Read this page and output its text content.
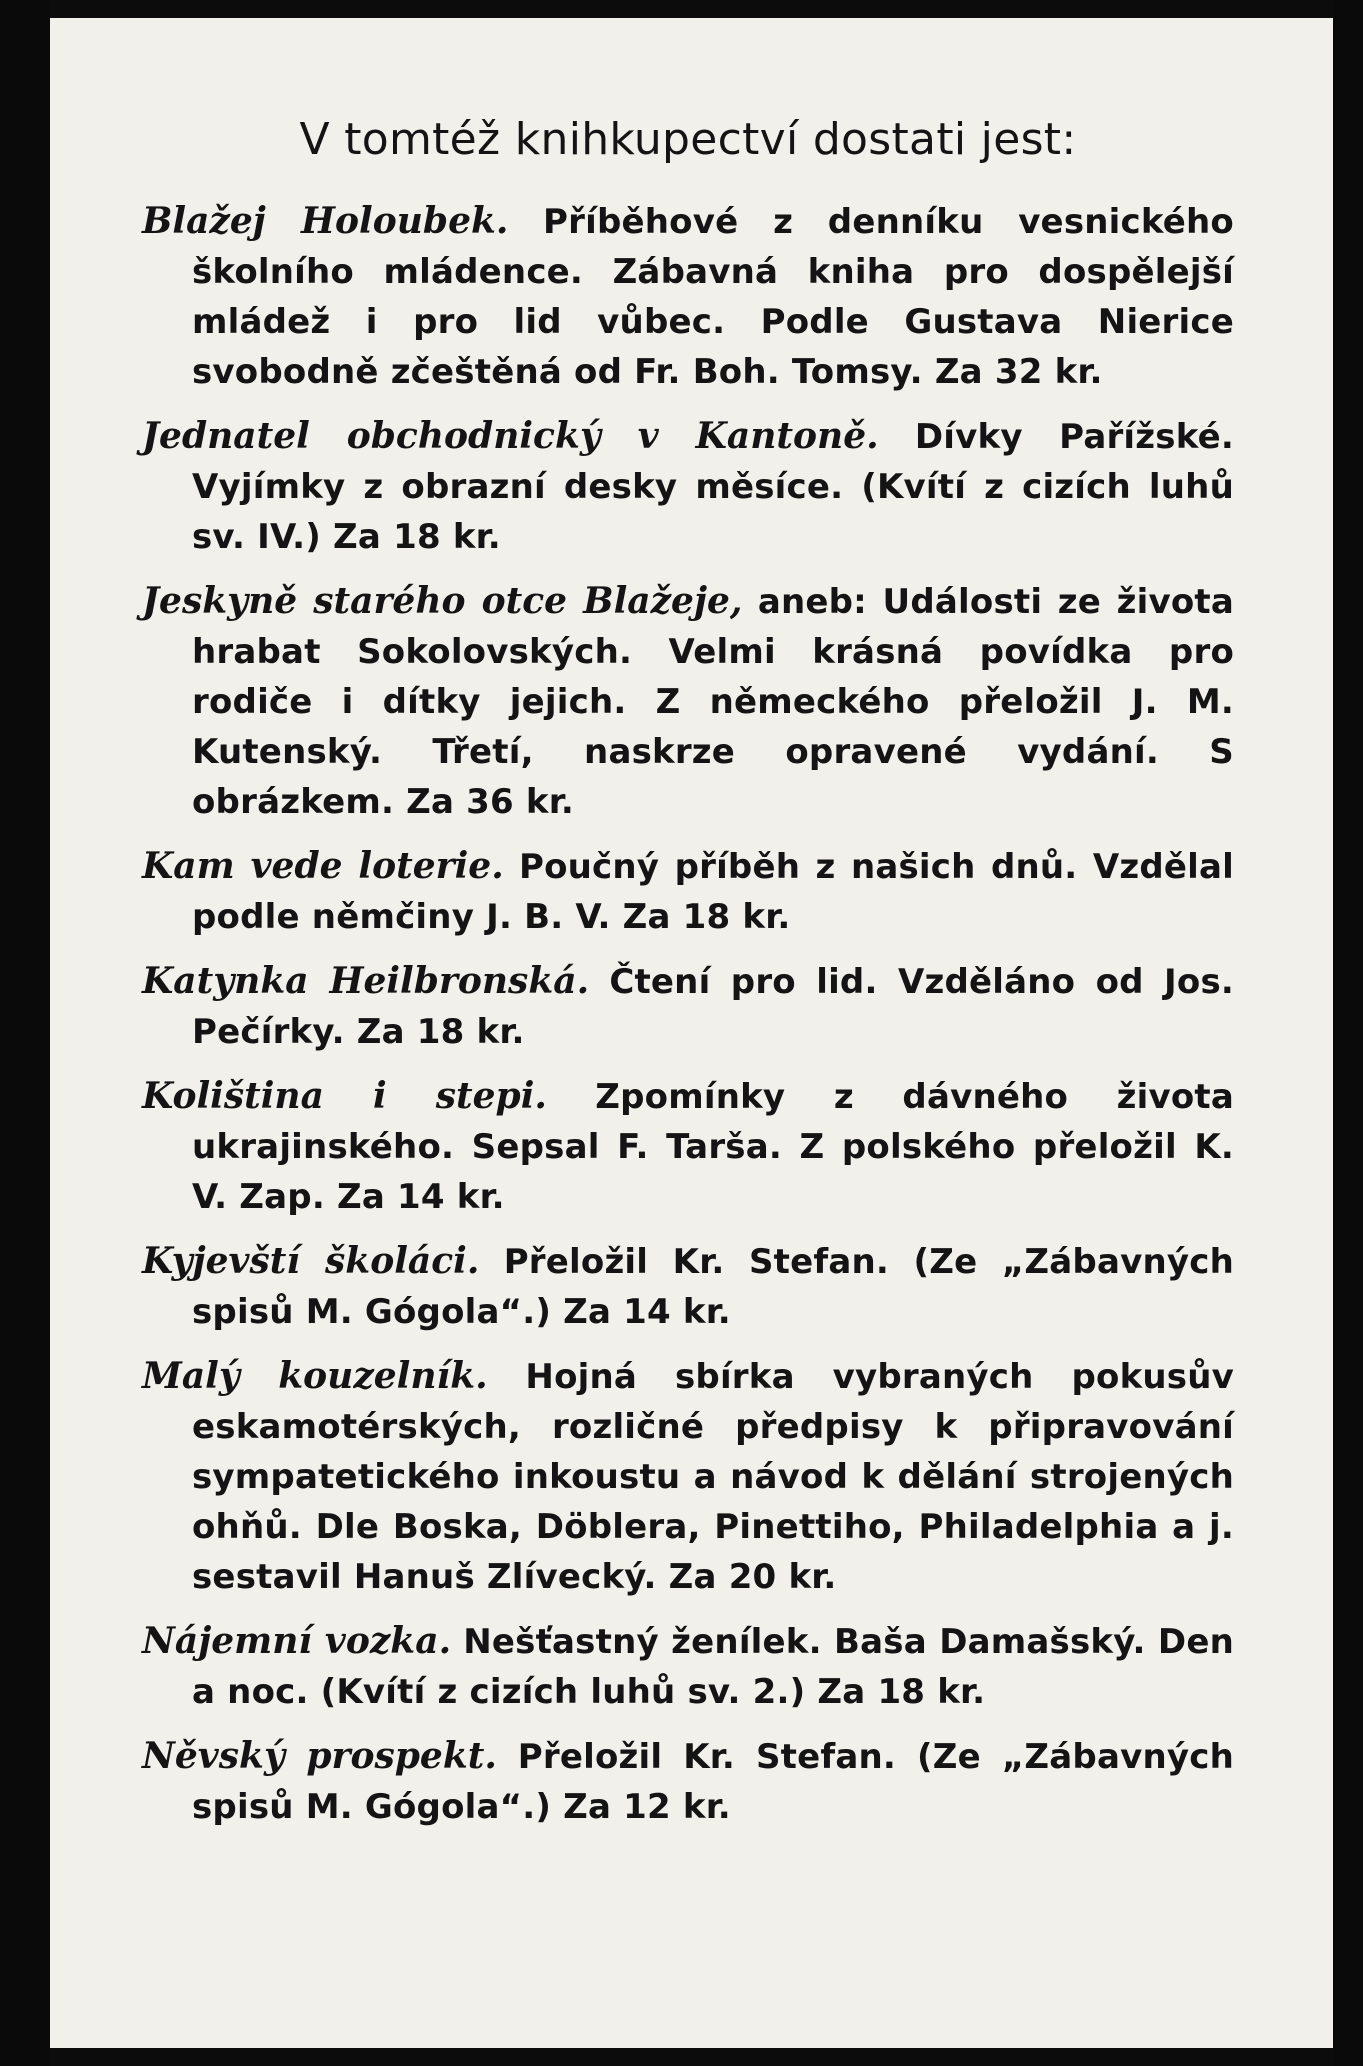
V tomtéž knihkupectví dostati jest:

Blažej Holoubek. Příběhové z denníku vesnického školního mládence. Zábavná kniha pro dospělejší mládež i pro lid vůbec. Podle Gustava Nierice svobodně zčeštěná od Fr. Boh. Tomsy. Za 32 kr.

Jednatel obchodnický v Kantoně. Dívky Pařížské. Vyjímky z obrazní desky měsíce. (Kvítí z cizích luhů sv. IV.) Za 18 kr.

Jeskyně starého otce Blažeje, aneb: Události ze života hrabat Sokolovských. Velmi krásná povídka pro rodiče i dítky jejich. Z německého přeložil J. M. Kutenský. Třetí, naskrze opravené vydání. S obrázkem. Za 36 kr.

Kam vede loterie. Poučný příběh z našich dnů. Vzdělal podle němčiny J. B. V. Za 18 kr.

Katynka Heilbronská. Čtení pro lid. Vzděláno od Jos. Pečírky. Za 18 kr.

Koliština i stepi. Zpomínky z dávného života ukrajinského. Sepsal F. Tarša. Z polského přeložil K. V. Zap. Za 14 kr.

Kyjevští školáci. Přeložil Kr. Stefan. (Ze „Zábavných spisů M. Gógola“.) Za 14 kr.

Malý kouzelník. Hojná sbírka vybraných pokusův eskamotérských, rozličné předpisy k připravování sympatetického inkoustu a návod k dělání strojených ohňů. Dle Boska, Döblera, Pinettiho, Philadelphia a j. sestavil Hanuš Zlívecký. Za 20 kr.

Nájemní vozka. Nešťastný ženílek. Baša Damašský. Den a noc. (Kvítí z cizích luhů sv. 2.) Za 18 kr.

Něvský prospekt. Přeložil Kr. Stefan. (Ze „Zábavných spisů M. Gógola“.) Za 12 kr.
